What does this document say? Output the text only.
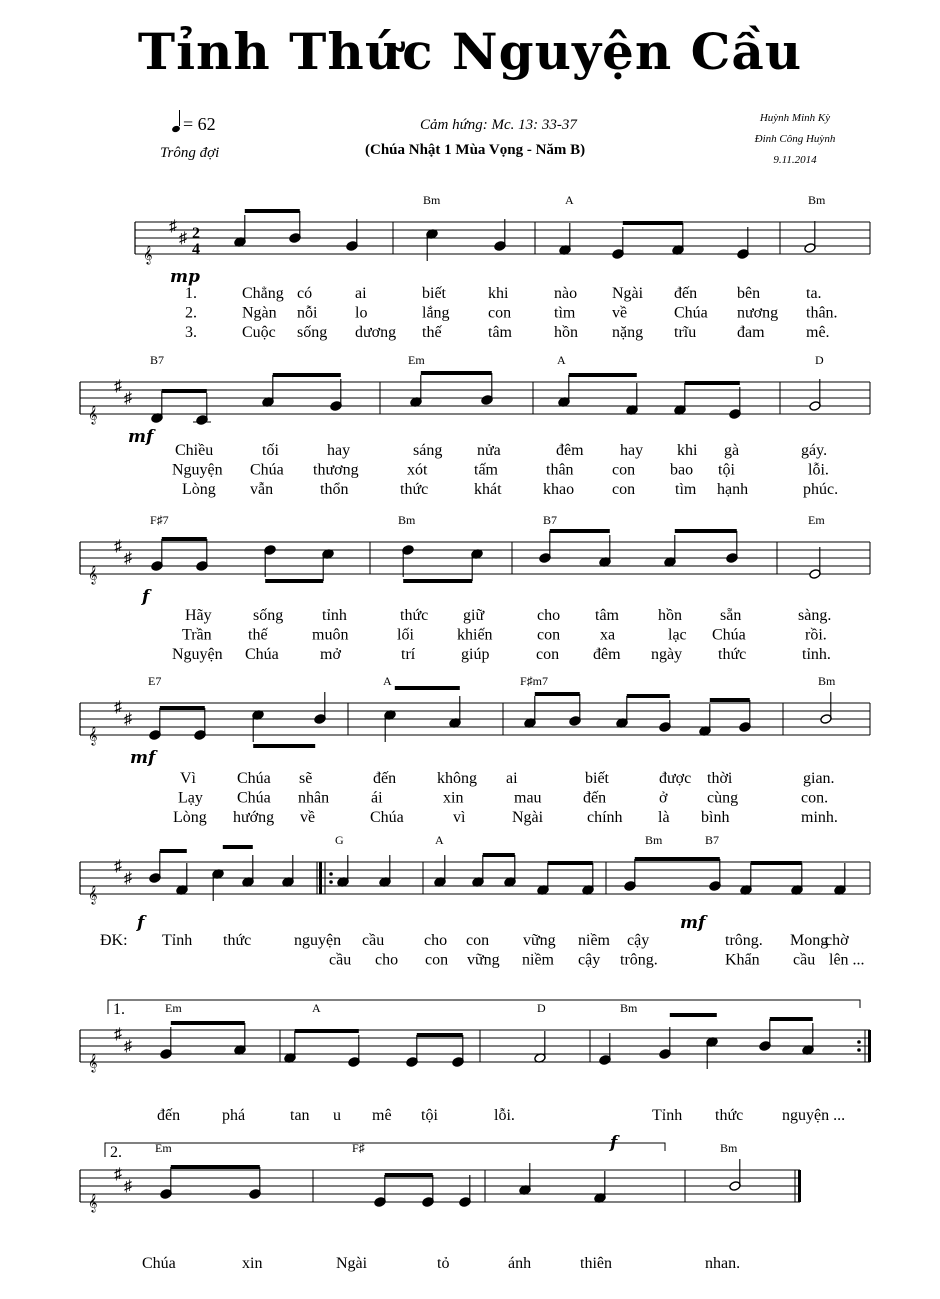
Tỉnh Thức Nguyện Cầu
= 62
Trông đợi
Cảm hứng: Mc. 13: 33-37
(Chúa Nhật 1 Mùa Vọng - Năm B)
Huỳnh Minh Kỳ
Đinh Công Huỳnh
9.11.2014
𝄞
♯
♯ 2
4
Bm	A	Bm
mp
1.	Chẳng có	ai	biết	khi	nào Ngài đến bên	ta.
2.	Ngàn nỗi lo	lắng con	tìm về	Chúa nương thân.
3.	Cuộc sống dương thế	tâm	hồn nặng trĩu	đam	mê.
𝄞
♯
♯
B7	Em	A	D
mf
Chiều	tối	hay	sáng nửa	đêm hay khi gà	gáy.
Nguyện Chúa thương	xót	tấm	thân con bao tội	lỗi.
Lòng vẫn	thổn	thức	khát	khao con tìm hạnh	phúc.
𝄞
♯
♯
F♯7	Bm	B7	Em
f
Hãy	sống tỉnh	thức giữ	cho tâm hồn sẵn	sàng.
Trần thế	muôn	lối	khiến	con xa	lạc Chúa	rồi.
Nguyện Chúa	mở	trí	giúp	con đêm ngày thức	tỉnh.
𝄞
♯
♯
E7	A	F♯m7	Bm
mf
Vì	Chúa sẽ	đến	không ai	biết	được thời	gian.
Lạy Chúa nhân	ái	xin	mau	đến	ở cùng	con.
Lòng hướng về	Chúa	vì	Ngài	chính là bình	minh.
𝄞
♯
♯
G	A	Bm	B7
f	mf
ĐK: Tỉnh thức	nguyện cầu cho con vững niềm cậy	trông. Mong
chờ
cầu cho con vững niềm cậy trông.	Khẩn cầu lên ...
1.
𝄞
♯
♯
Em	A	D	Bm
f
đến	phá	tan u mê tội	lỗi.	Tỉnh thức nguyện ...
2.
𝄞
♯
♯
Em	F♯	Bm
Chúa	xin	Ngài	tỏ	ánh	thiên	nhan.
